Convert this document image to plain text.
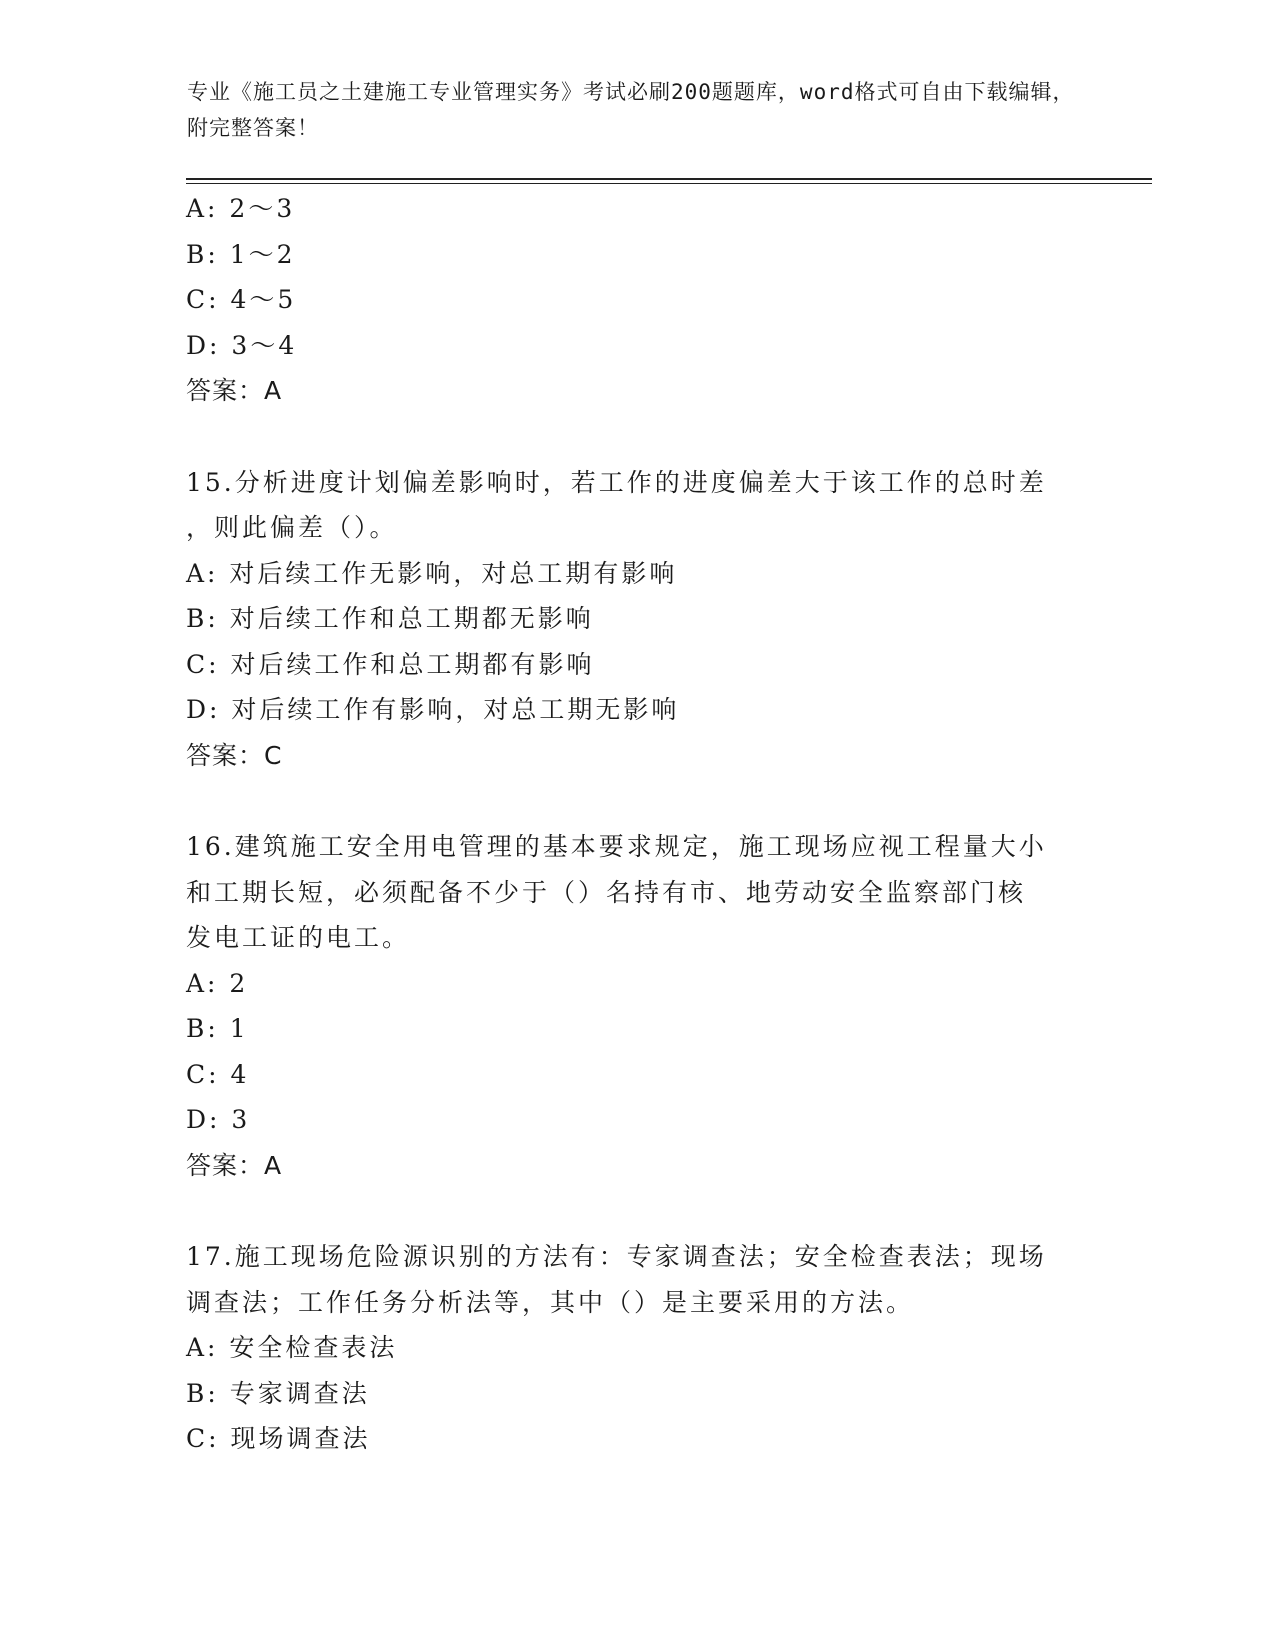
专业《施工员之土建施工专业管理实务》考试必刷200题题库，word格式可自由下载编辑，附完整答案！
A: 2～3
B: 1～2
C: 4～5
D: 3～4
答案：A
15.分析进度计划偏差影响时，若工作的进度偏差大于该工作的总时差
，则此偏差（）。
A: 对后续工作无影响，对总工期有影响
B: 对后续工作和总工期都无影响
C: 对后续工作和总工期都有影响
D: 对后续工作有影响，对总工期无影响
答案：C
16.建筑施工安全用电管理的基本要求规定，施工现场应视工程量大小
和工期长短，必须配备不少于（）名持有市、地劳动安全监察部门核
发电工证的电工。
A: 2
B: 1
C: 4
D: 3
答案：A
17.施工现场危险源识别的方法有：专家调查法；安全检查表法；现场
调查法；工作任务分析法等，其中（）是主要采用的方法。
A: 安全检查表法
B: 专家调查法
C: 现场调查法
